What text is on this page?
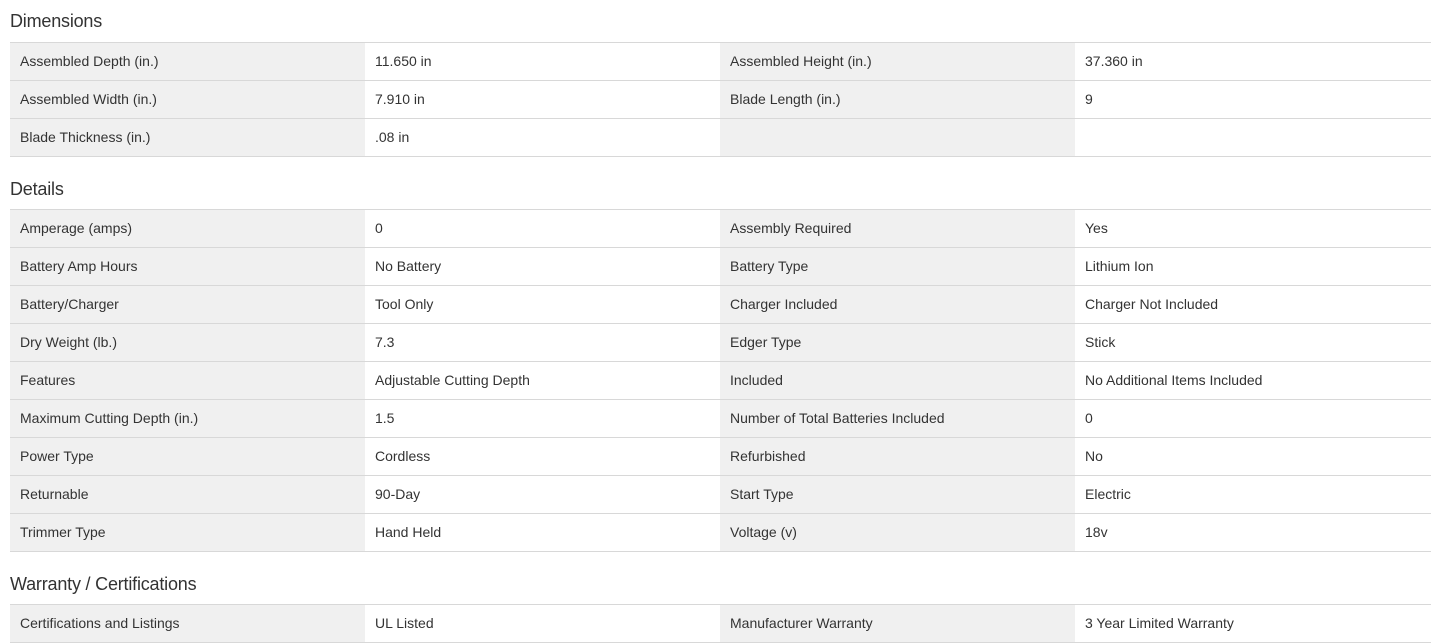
Dimensions
Assembled Depth (in.)	11.650 in	Assembled Height (in.)	37.360 in
Assembled Width (in.)	7.910 in	Blade Length (in.)	9
Blade Thickness (in.)	.08 in		
Details
Amperage (amps)	0	Assembly Required	Yes
Battery Amp Hours	No Battery	Battery Type	Lithium Ion
Battery/Charger	Tool Only	Charger Included	Charger Not Included
Dry Weight (lb.)	7.3	Edger Type	Stick
Features	Adjustable Cutting Depth	Included	No Additional Items Included
Maximum Cutting Depth (in.)	1.5	Number of Total Batteries Included	0
Power Type	Cordless	Refurbished	No
Returnable	90-Day	Start Type	Electric
Trimmer Type	Hand Held	Voltage (v)	18v
Warranty / Certifications
Certifications and Listings	UL Listed	Manufacturer Warranty	3 Year Limited Warranty
